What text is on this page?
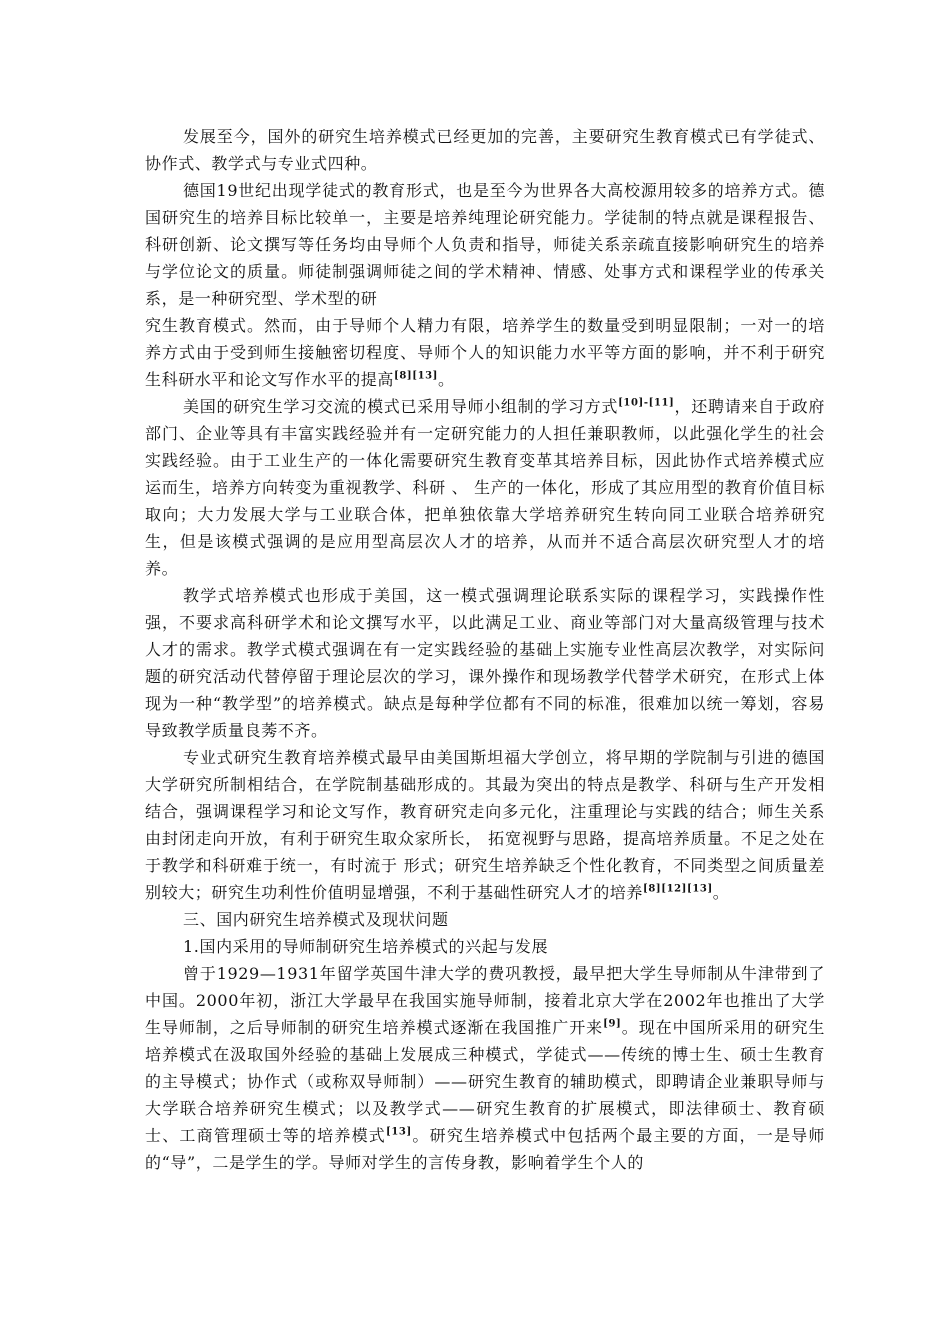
发展至今，国外的研究生培养模式已经更加的完善，主要研究生教育模式已有学徒式、协作式、教学式与专业式四种。

德国19世纪出现学徒式的教育形式，也是至今为世界各大高校源用较多的培养方式。德国研究生的培养目标比较单一，主要是培养纯理论研究能力。学徒制的特点就是课程报告、科研创新、论文撰写等任务均由导师个人负责和指导，师徒关系亲疏直接影响研究生的培养与学位论文的质量。师徒制强调师徒之间的学术精神、情感、处事方式和课程学业的传承关系，是一种研究型、学术型的研

究生教育模式。然而，由于导师个人精力有限，培养学生的数量受到明显限制；一对一的培养方式由于受到师生接触密切程度、导师个人的知识能力水平等方面的影响，并不利于研究生科研水平和论文写作水平的提高[8][13]。

美国的研究生学习交流的模式已采用导师小组制的学习方式[10]-[11]，还聘请来自于政府部门、企业等具有丰富实践经验并有一定研究能力的人担任兼职教师，以此强化学生的社会实践经验。由于工业生产的一体化需要研究生教育变革其培养目标，因此协作式培养模式应运而生，培养方向转变为重视教学、科研 、 生产的一体化，形成了其应用型的教育价值目标取向；大力发展大学与工业联合体，把单独依靠大学培养研究生转向同工业联合培养研究生，但是该模式强调的是应用型高层次人才的培养，从而并不适合高层次研究型人才的培养。

教学式培养模式也形成于美国，这一模式强调理论联系实际的课程学习，实践操作性强，不要求高科研学术和论文撰写水平，以此满足工业、商业等部门对大量高级管理与技术人才的需求。教学式模式强调在有一定实践经验的基础上实施专业性高层次教学，对实际问题的研究活动代替停留于理论层次的学习，课外操作和现场教学代替学术研究，在形式上体现为一种“教学型”的培养模式。缺点是每种学位都有不同的标准，很难加以统一筹划，容易导致教学质量良莠不齐。

专业式研究生教育培养模式最早由美国斯坦福大学创立，将早期的学院制与引进的德国大学研究所制相结合，在学院制基础形成的。其最为突出的特点是教学、科研与生产开发相结合，强调课程学习和论文写作，教育研究走向多元化，注重理论与实践的结合；师生关系由封闭走向开放，有利于研究生取众家所长， 拓宽视野与思路，提高培养质量。不足之处在于教学和科研难于统一，有时流于 形式；研究生培养缺乏个性化教育，不同类型之间质量差别较大；研究生功利性价值明显增强，不利于基础性研究人才的培养[8][12][13]。

三、国内研究生培养模式及现状问题

1.国内采用的导师制研究生培养模式的兴起与发展

曾于1929—1931年留学英国牛津大学的费巩教授，最早把大学生导师制从牛津带到了中国。2000年初，浙江大学最早在我国实施导师制，接着北京大学在2002年也推出了大学生导师制，之后导师制的研究生培养模式逐渐在我国推广开来[9]。现在中国所采用的研究生培养模式在汲取国外经验的基础上发展成三种模式，学徒式——传统的博士生、硕士生教育的主导模式；协作式（或称双导师制）——研究生教育的辅助模式，即聘请企业兼职导师与大学联合培养研究生模式；以及教学式——研究生教育的扩展模式，即法律硕士、教育硕士、工商管理硕士等的培养模式[13]。研究生培养模式中包括两个最主要的方面，一是导师的“导”，二是学生的学。导师对学生的言传身教，影响着学生个人的
